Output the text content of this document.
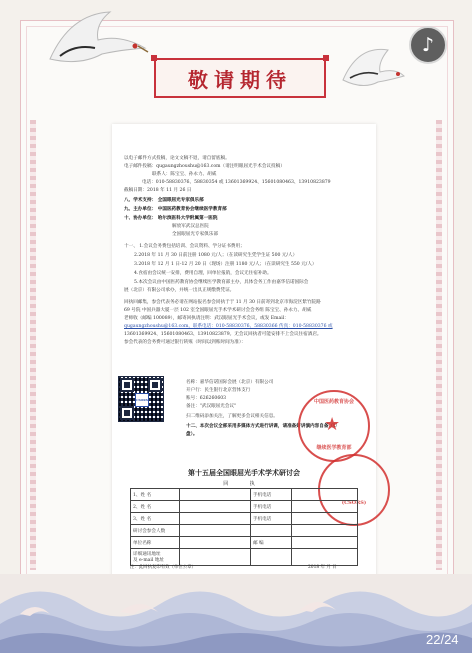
敬请期待
♪
以电子邮件方式投稿，论文文稿不退，请自留底稿。
电子邮件投稿：qugaungzhoushu@163.com（请注明眼屈光手术会议投稿）
联系人：陈宝宝、孙永力、胡威
电话：010-58830376、58830354 或 13601369924、15601080463、13910823879
截稿日期：2018 年 11 月 26 日
八、学术支持： 全国眼屈光专家俱乐部
九、主办单位： 中国医药教育协会继续医学教育部
十、协办单位： 哈尔滨医科大学附属第一医院
解放军武汉总医院
全国眼屈光专家俱乐部
十一、 1.会议会务费包括培训、会议资料、学分证书费用；
2.2018 年 11 月 30 日前注册 1080 元/人；（在读研究生凭学生证 500 元/人）
3.2018 年 12 月 1 日-12 月 20 日（现场）注册 1180 元/人；（在读研究生 550 元/人）
4.食宿由会议统一安排，费用自理，回单位报销，会议无住宿补助。
5.本次会议由中国医药教育协会继续医学教育部主办，具体会务工作由嘉华信诺国际会
展（北京）有限公司承办，并统一出具正规缴费凭证。
回执回邮集，参会代表务必请在网站报名参会同执于于 11 月 30 日前寄到北京市海淀区紫竹院路
69 号院 中国兵器大厦一层 102 室全国眼屈光手术学术研讨会会务组 陈宝宝、孙永力、胡威
老师收（邮编 100089），邮寄回执请注明：武汉眼屈光手术会议，或发 Email：
qugaungzhoushu@163.com，联系电话：010-58830376、58830366 传真：010-58830376 或
13601369924、15601080463、13910823879。无会议回执者可能安排不上会议住宿酒店。
参会代表的会务费可通过银行转账（时间以到账时间为准）：
CSORS
名称：嘉华信诺国际会展（北京）有限公司
开户行：民生银行北京营体支行
账号：626260603
备注："武汉眼屈光会议"
扫二维码添加关注，了解更多会议相关信息。
十二、本次会议全部采用多媒体方式进行讲课，请准备好讲演内容自备（U
盘）。
中国医药教育协会
★
继续医学教育部
(CSORS)
第十五届全国眼屈光手术学术研讨会
回 执
1、姓 名		手机电话	
2、姓 名		手机电话	
3、姓 名		手机电话	
研讨会参会人数			
单位名称		邮 编	
详细通讯地址
及 e-mail 地址			
注：此回执复印有效（单位公章）	2018 年 月 日
22/24
